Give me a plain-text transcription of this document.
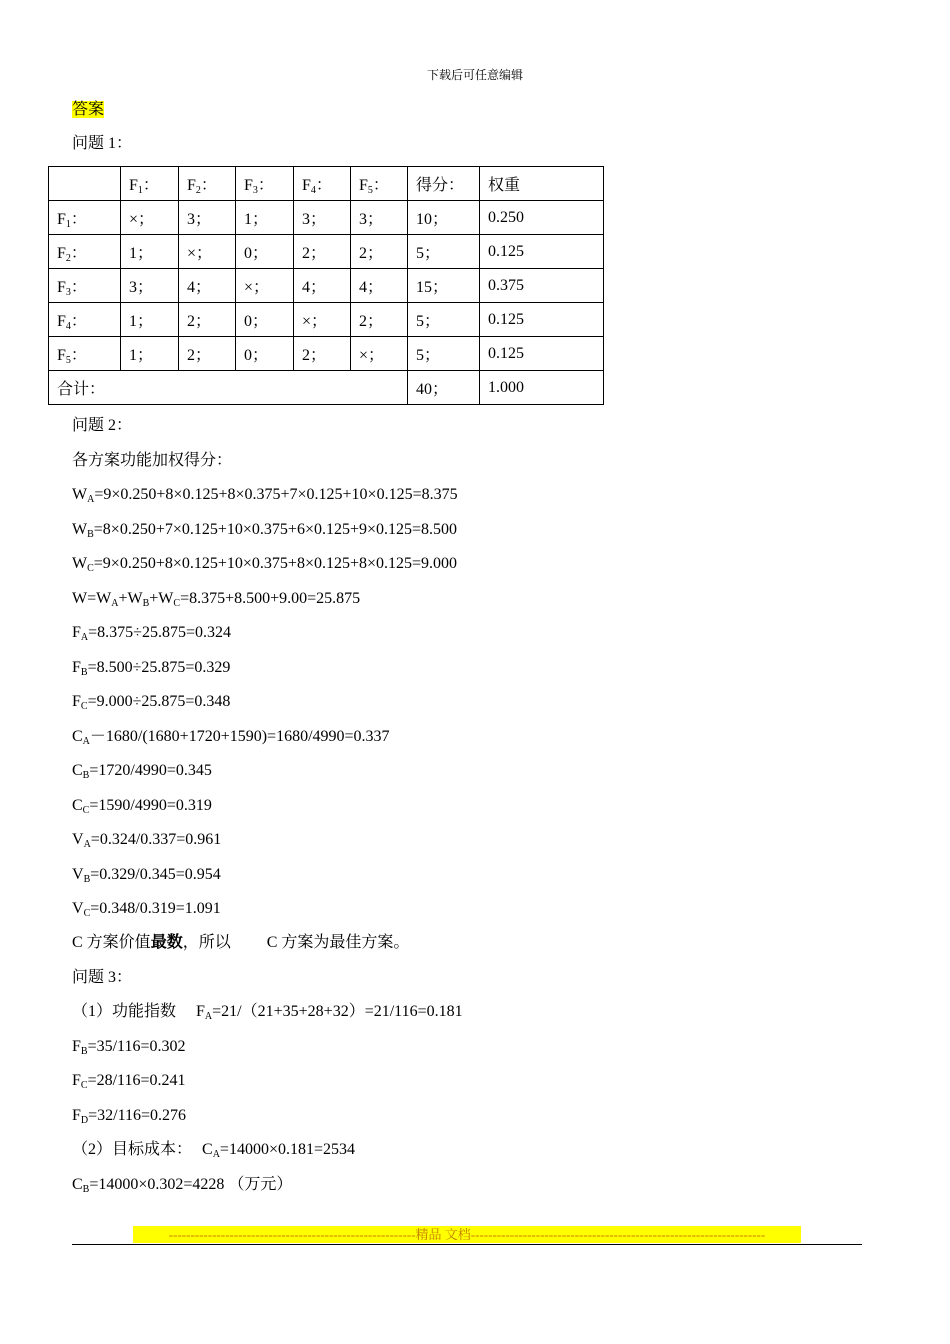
下载后可任意编辑
答案
问题 1：
	$F_1$：	$F_2$：	$F_3$：	$F_4$：	$F_5$：	得分：	权重
$F_1$：	×；	3；	1；	3；	3；	10；	0.250
$F_2$：	1；	×；	0；	2；	2；	5；	0.125
$F_3$：	3；	4；	×；	4；	4；	15；	0.375
$F_4$：	1；	2；	0；	×；	2；	5；	0.125
$F_5$：	1；	2；	0；	2；	×；	5；	0.125
合计：						40；	1.000
问题 2：
各方案功能加权得分：
$W_A=9\times 0.250+8\times 0.125+8\times 0.375+7\times 0.125+10\times 0.125=8.375$
$W_B=8\times 0.250+7\times 0.125+10\times 0.375+6\times 0.125+9\times 0.125=8.500$
$W_C=9\times 0.250+8\times 0.125+10\times 0.375+8\times 0.125+8\times 0.125=9.000$
$W=W_A+W_B+W_C=8.375+8.500+9.00=25.875$
$F_A=8.375\div 25.875=0.324$
$F_B=8.500\div 25.875=0.329$
$F_C=9.000\div 25.875=0.348$
$C_A-1680/(1680+1720+1590)=1680/4990=0.337$
$C_B=1720/4990=0.345$
$C_C=1590/4990=0.319$
$V_A=0.324/0.337=0.961$
$V_B=0.329/0.345=0.954$
$V_C=0.348/0.319=1.091$
C 方案价值最数，所以 C 方案为最佳方案。
问题 3：
（1）功能指数 $F_A=21/(21+35+28+32)=21/116=0.181$
$F_B=35/116=0.302$
$F_C=28/116=0.241$
$F_D=32/116=0.276$
（2）目标成本： $C_A=14000\times 0.181=2534$
$C_B=14000\times 0.302=4228$ （万元）
---------------------------------------------------------精品 文档--------------------------------------------------------------------
